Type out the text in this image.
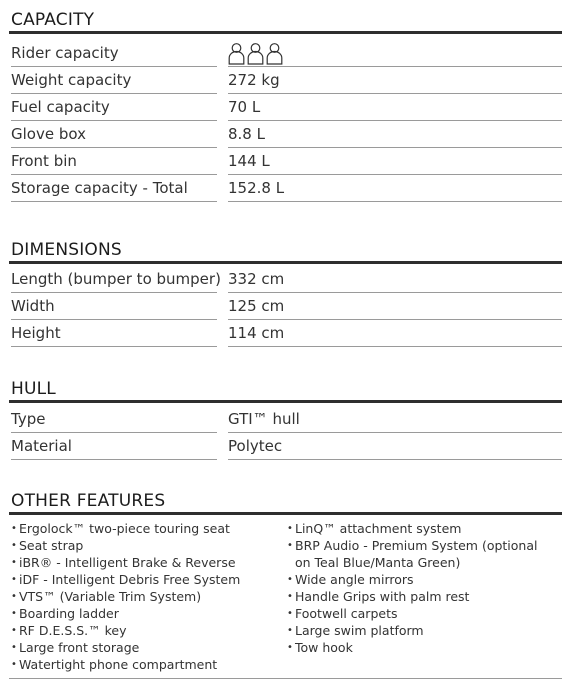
CAPACITY
Rider capacity
Weight capacity	272 kg
Fuel capacity	70 L
Glove box	8.8 L
Front bin	144 L
Storage capacity - Total	152.8 L
DIMENSIONS
Length (bumper to bumper) 332 cm
Width	125 cm
Height	114 cm
HULL
Type	GTI™ hull
Material	Polytec
OTHER FEATURES
• Ergolock™ two-piece touring seat
• Seat strap
• iBR® - Intelligent Brake & Reverse
• iDF - Intelligent Debris Free System
• VTS™ (Variable Trim System)
• Boarding ladder
• RF D.E.S.S.™ key
• Large front storage
• Watertight phone compartment
• LinQ™ attachment system
• BRP Audio - Premium System (optional
on Teal Blue/Manta Green)
• Wide angle mirrors
• Handle Grips with palm rest
• Footwell carpets
• Large swim platform
• Tow hook
